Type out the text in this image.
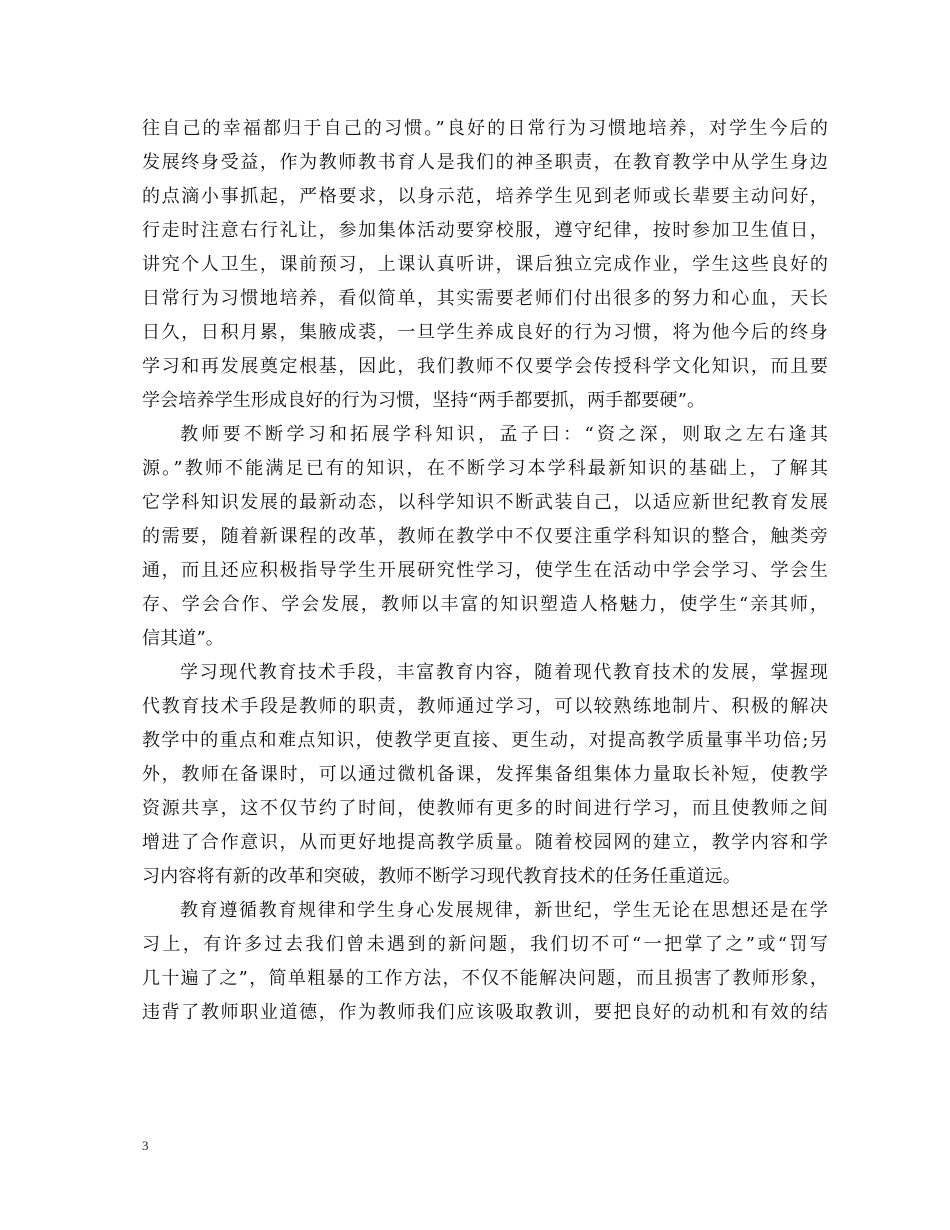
往自己的幸福都归于自己的习惯。”良好的日常行为习惯地培养，对学生今后的
发展终身受益，作为教师教书育人是我们的神圣职责，在教育教学中从学生身边
的点滴小事抓起，严格要求，以身示范，培养学生见到老师或长辈要主动问好，
行走时注意右行礼让，参加集体活动要穿校服，遵守纪律，按时参加卫生值日，
讲究个人卫生，课前预习，上课认真听讲，课后独立完成作业，学生这些良好的
日常行为习惯地培养，看似简单，其实需要老师们付出很多的努力和心血，天长
日久，日积月累，集腋成裘，一旦学生养成良好的行为习惯，将为他今后的终身
学习和再发展奠定根基，因此，我们教师不仅要学会传授科学文化知识，而且要
学会培养学生形成良好的行为习惯，坚持“两手都要抓，两手都要硬”。
教师要不断学习和拓展学科知识，孟子曰：“资之深，则取之左右逢其
源。”教师不能满足已有的知识，在不断学习本学科最新知识的基础上，了解其
它学科知识发展的最新动态，以科学知识不断武装自己，以适应新世纪教育发展
的需要，随着新课程的改革，教师在教学中不仅要注重学科知识的整合，触类旁
通，而且还应积极指导学生开展研究性学习，使学生在活动中学会学习、学会生
存、学会合作、学会发展，教师以丰富的知识塑造人格魅力，使学生“亲其师，
信其道”。
学习现代教育技术手段，丰富教育内容，随着现代教育技术的发展，掌握现
代教育技术手段是教师的职责，教师通过学习，可以较熟练地制片、积极的解决
教学中的重点和难点知识，使教学更直接、更生动，对提高教学质量事半功倍;另
外，教师在备课时，可以通过微机备课，发挥集备组集体力量取长补短，使教学
资源共享，这不仅节约了时间，使教师有更多的时间进行学习，而且使教师之间
增进了合作意识，从而更好地提高教学质量。随着校园网的建立，教学内容和学
习内容将有新的改革和突破，教师不断学习现代教育技术的任务任重道远。
教育遵循教育规律和学生身心发展规律，新世纪，学生无论在思想还是在学
习上，有许多过去我们曾未遇到的新问题，我们切不可“一把掌了之”或“罚写
几十遍了之”，简单粗暴的工作方法，不仅不能解决问题，而且损害了教师形象，
违背了教师职业道德，作为教师我们应该吸取教训，要把良好的动机和有效的结
3
